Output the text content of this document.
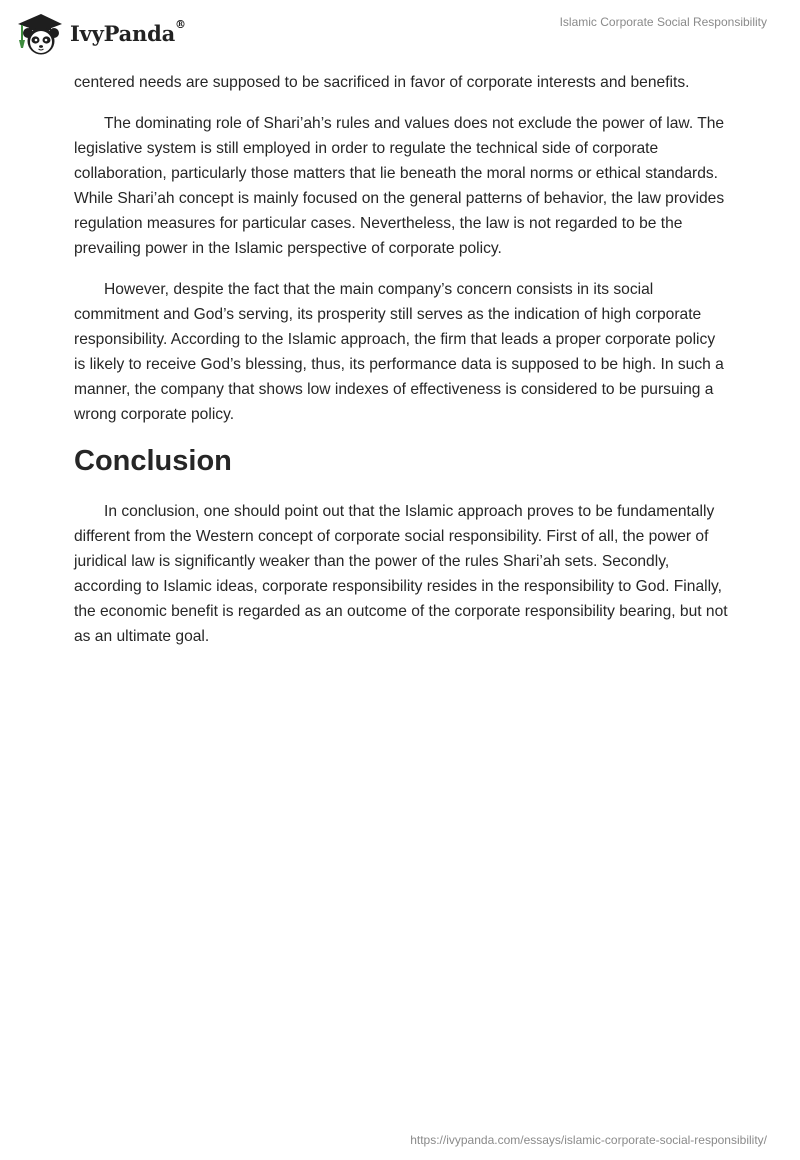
IvyPanda®	Islamic Corporate Social Responsibility

centered needs are supposed to be sacrificed in favor of corporate interests and benefits.

The dominating role of Shari’ah’s rules and values does not exclude the power of law. The legislative system is still employed in order to regulate the technical side of corporate collaboration, particularly those matters that lie beneath the moral norms or ethical standards. While Shari’ah concept is mainly focused on the general patterns of behavior, the law provides regulation measures for particular cases. Nevertheless, the law is not regarded to be the prevailing power in the Islamic perspective of corporate policy.

However, despite the fact that the main company’s concern consists in its social commitment and God’s serving, its prosperity still serves as the indication of high corporate responsibility. According to the Islamic approach, the firm that leads a proper corporate policy is likely to receive God’s blessing, thus, its performance data is supposed to be high. In such a manner, the company that shows low indexes of effectiveness is considered to be pursuing a wrong corporate policy.

Conclusion

In conclusion, one should point out that the Islamic approach proves to be fundamentally different from the Western concept of corporate social responsibility. First of all, the power of juridical law is significantly weaker than the power of the rules Shari’ah sets. Secondly, according to Islamic ideas, corporate responsibility resides in the responsibility to God. Finally, the economic benefit is regarded as an outcome of the corporate responsibility bearing, but not as an ultimate goal.

https://ivypanda.com/essays/islamic-corporate-social-responsibility/
